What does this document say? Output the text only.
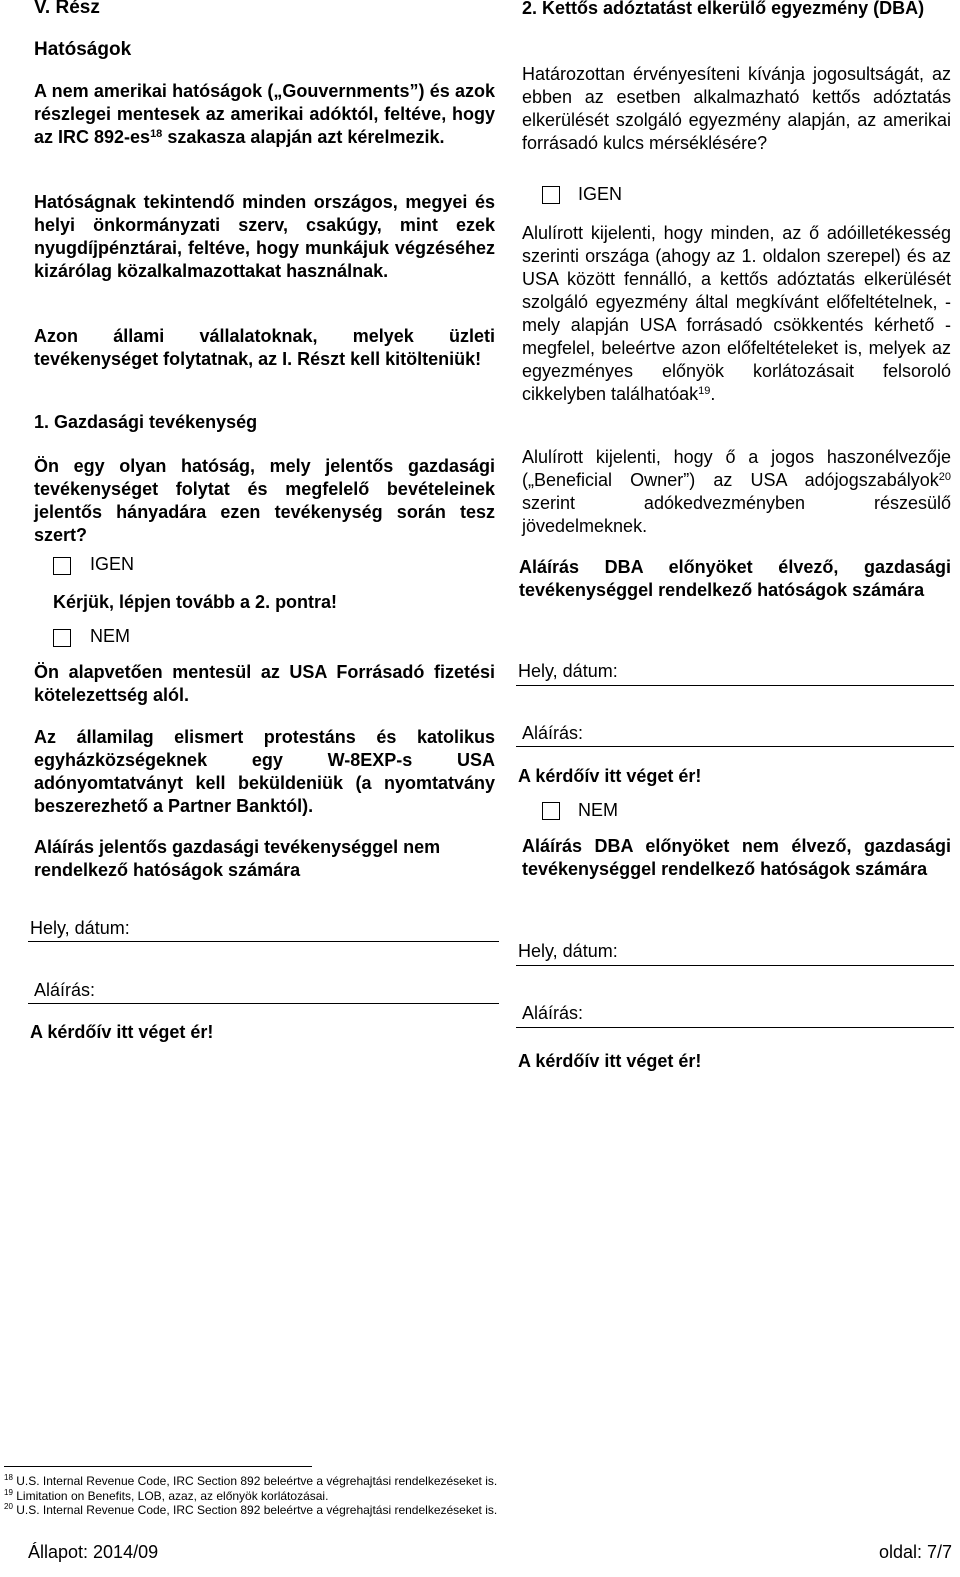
V. Rész
Hatóságok
A nem amerikai hatóságok („Gouvernments”) és azok részlegei mentesek az amerikai adóktól, feltéve, hogy az IRC $892-es^{18}$ szakasza alapján azt kérelmezik.
Hatóságnak tekintendő minden országos, megyei és helyi önkormányzati szerv, csakúgy, mint ezek nyugdíjpénztárai, feltéve, hogy munkájuk végzéséhez kizárólag közalkalmazottakat használnak.
Azon állami vállalatoknak, melyek üzleti tevékenységet folytatnak, az I. Részt kell kitölteniük!
1. Gazdasági tevékenység
Ön egy olyan hatóság, mely jelentős gazdasági tevékenységet folytat és megfelelő bevételeinek jelentős hányadára ezen tevékenység során tesz szert?
IGEN
Kérjük, lépjen tovább a 2. pontra!
NEM
Ön alapvetően mentesül az USA Forrásadó fizetési kötelezettség alól.
Az államilag elismert protestáns és katolikus egyházközségeknek egy W-8EXP-s USA adónyomtatványt kell beküldeniük (a nyomtatvány beszerezhető a Partner Banktól).
Aláírás jelentős gazdasági tevékenységgel nem rendelkező hatóságok számára
Hely, dátum:
Aláírás:
A kérdőív itt véget ér!
2. Kettős adóztatást elkerülő egyezmény (DBA)
Határozottan érvényesíteni kívánja jogosultságát, az ebben az esetben alkalmazható kettős adóztatás elkerülését szolgáló egyezmény alapján, az amerikai forrásadó kulcs mérséklésére?
IGEN
Alulírott kijelenti, hogy minden, az ő adóilletékesség szerinti országa (ahogy az 1. oldalon szerepel) és az USA között fennálló, a kettős adóztatás elkerülését szolgáló egyezmény által megkívánt előfeltételnek, - mely alapján USA forrásadó csökkentés kérhető - megfelel, beleértve azon előfeltételeket is, melyek az egyezményes előnyök korlátozásait felsoroló cikkelyben találhatóak$^{19}$.
Alulírott kijelenti, hogy ő a jogos haszonélvezője („Beneficial Owner”) az USA adójogszabályok$^{20}$ szerint adókedvezményben részesülő jövedelmeknek.
Aláírás DBA előnyöket élvező, gazdasági tevékenységgel rendelkező hatóságok számára
Hely, dátum:
Aláírás:
A kérdőív itt véget ér!
NEM
Aláírás DBA előnyöket nem élvező, gazdasági tevékenységgel rendelkező hatóságok számára
Hely, dátum:
Aláírás:
A kérdőív itt véget ér!
$^{18}$ U.S. Internal Revenue Code, IRC Section 892 beleértve a végrehajtási rendelkezéseket is.
$^{19}$ Limitation on Benefits, LOB, azaz, az előnyök korlátozásai.
$^{20}$ U.S. Internal Revenue Code, IRC Section 892 beleértve a végrehajtási rendelkezéseket is.
Állapot: 2014/09	oldal: 7/7
